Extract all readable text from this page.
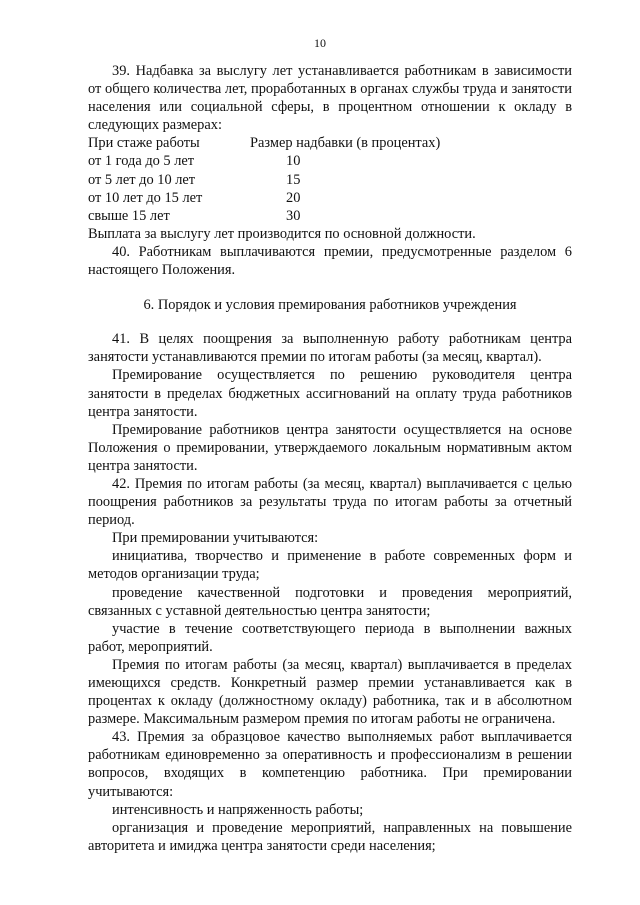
10

39. Надбавка за выслугу лет устанавливается работникам в зависимости от общего количества лет, проработанных в органах службы труда и занятости населения или социальной сферы, в процентном отношении к окладу в следующих размерах:

При стаже работы	Размер надбавки (в процентах)
от 1 года до 5 лет	10
от 5 лет до 10 лет	15
от 10 лет до 15 лет	20
свыше 15 лет	30

Выплата за выслугу лет производится по основной должности.

40. Работникам выплачиваются премии, предусмотренные разделом 6 настоящего Положения.

6. Порядок и условия премирования работников учреждения

41. В целях поощрения за выполненную работу работникам центра занятости устанавливаются премии по итогам работы (за месяц, квартал).

Премирование осуществляется по решению руководителя центра занятости в пределах бюджетных ассигнований на оплату труда работников центра занятости.

Премирование работников центра занятости осуществляется на основе Положения о премировании, утверждаемого локальным нормативным актом центра занятости.

42. Премия по итогам работы (за месяц, квартал) выплачивается с целью поощрения работников за результаты труда по итогам работы за отчетный период.

При премировании учитываются:

инициатива, творчество и применение в работе современных форм и методов организации труда;

проведение качественной подготовки и проведения мероприятий, связанных с уставной деятельностью центра занятости;

участие в течение соответствующего периода в выполнении важных работ, мероприятий.

Премия по итогам работы (за месяц, квартал) выплачивается в пределах имеющихся средств. Конкретный размер премии устанавливается как в процентах к окладу (должностному окладу) работника, так и в абсолютном размере. Максимальным размером премия по итогам работы не ограничена.

43. Премия за образцовое качество выполняемых работ выплачивается работникам единовременно за оперативность и профессионализм в решении вопросов, входящих в компетенцию работника. При премировании учитываются:

интенсивность и напряженность работы;

организация и проведение мероприятий, направленных на повышение авторитета и имиджа центра занятости среди населения;
